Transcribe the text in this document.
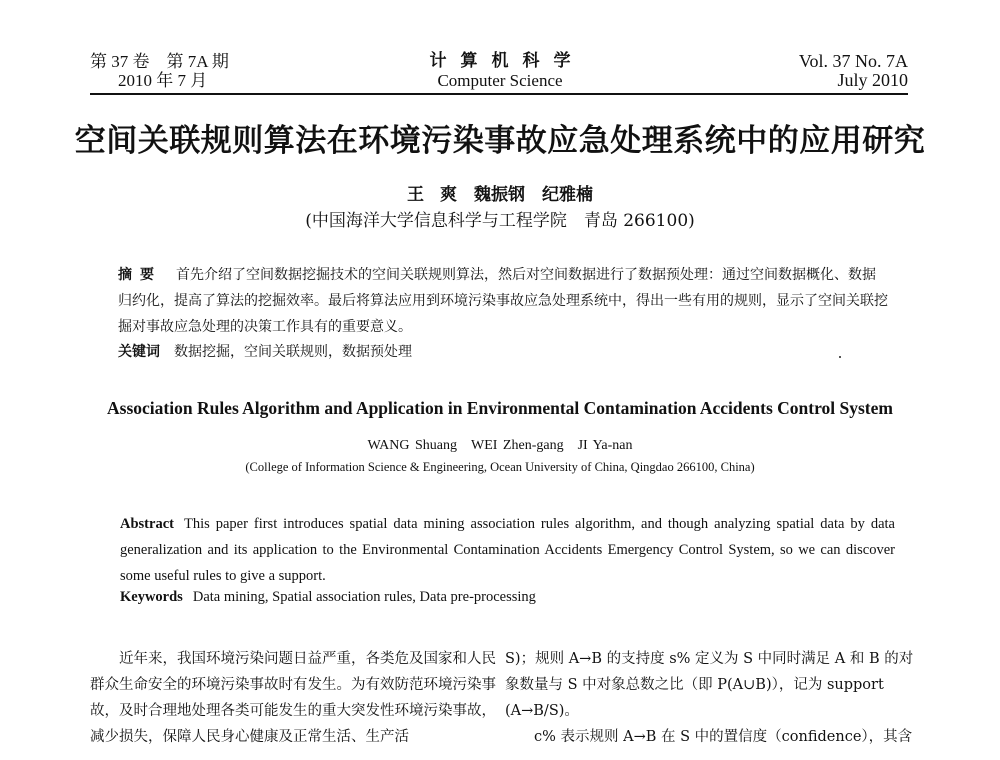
第 37 卷　第 7A 期
2010 年 7 月
计算机科学
Computer Science
Vol. 37 No. 7A
July 2010
空间关联规则算法在环境污染事故应急处理系统中的应用研究
王 爽　魏振钢　纪雅楠
(中国海洋大学信息科学与工程学院　青岛 266100)
摘要 首先介绍了空间数据挖掘技术的空间关联规则算法，然后对空间数据进行了数据预处理：通过空间数据概化、数据归约化，提高了算法的挖掘效率。最后将算法应用到环境污染事故应急处理系统中，得出一些有用的规则，显示了空间关联挖掘对事故应急处理的决策工作具有的重要意义。
关键词 数据挖掘，空间关联规则，数据预处理
Association Rules Algorithm and Application in Environmental Contamination Accidents Control System
WANG Shuang　WEI Zhen-gang　JI Ya-nan
(College of Information Science & Engineering, Ocean University of China, Qingdao 266100, China)
Abstract This paper first introduces spatial data mining association rules algorithm, and though analyzing spatial data by data generalization and its application to the Environmental Contamination Accidents Emergency Control System, so we can discover some useful rules to give a support.
Keywords Data mining, Spatial association rules, Data pre-processing

近年来，我国环境污染问题日益严重，各类危及国家和人民群众生命安全的环境污染事故时有发生。为有效防范环境污染事故，及时合理地处理各类可能发生的重大突发性环境污染事故，减少损失，保障人民身心健康及正常生活、生产活

S)；规则 A→B 的支持度 s% 定义为 S 中同时满足 A 和 B 的对象数量与 S 中对象总数之比（即 P(A∪B)），记为 support (A→B/S)。

c% 表示规则 A→B 在 S 中的置信度（confidence），其含
